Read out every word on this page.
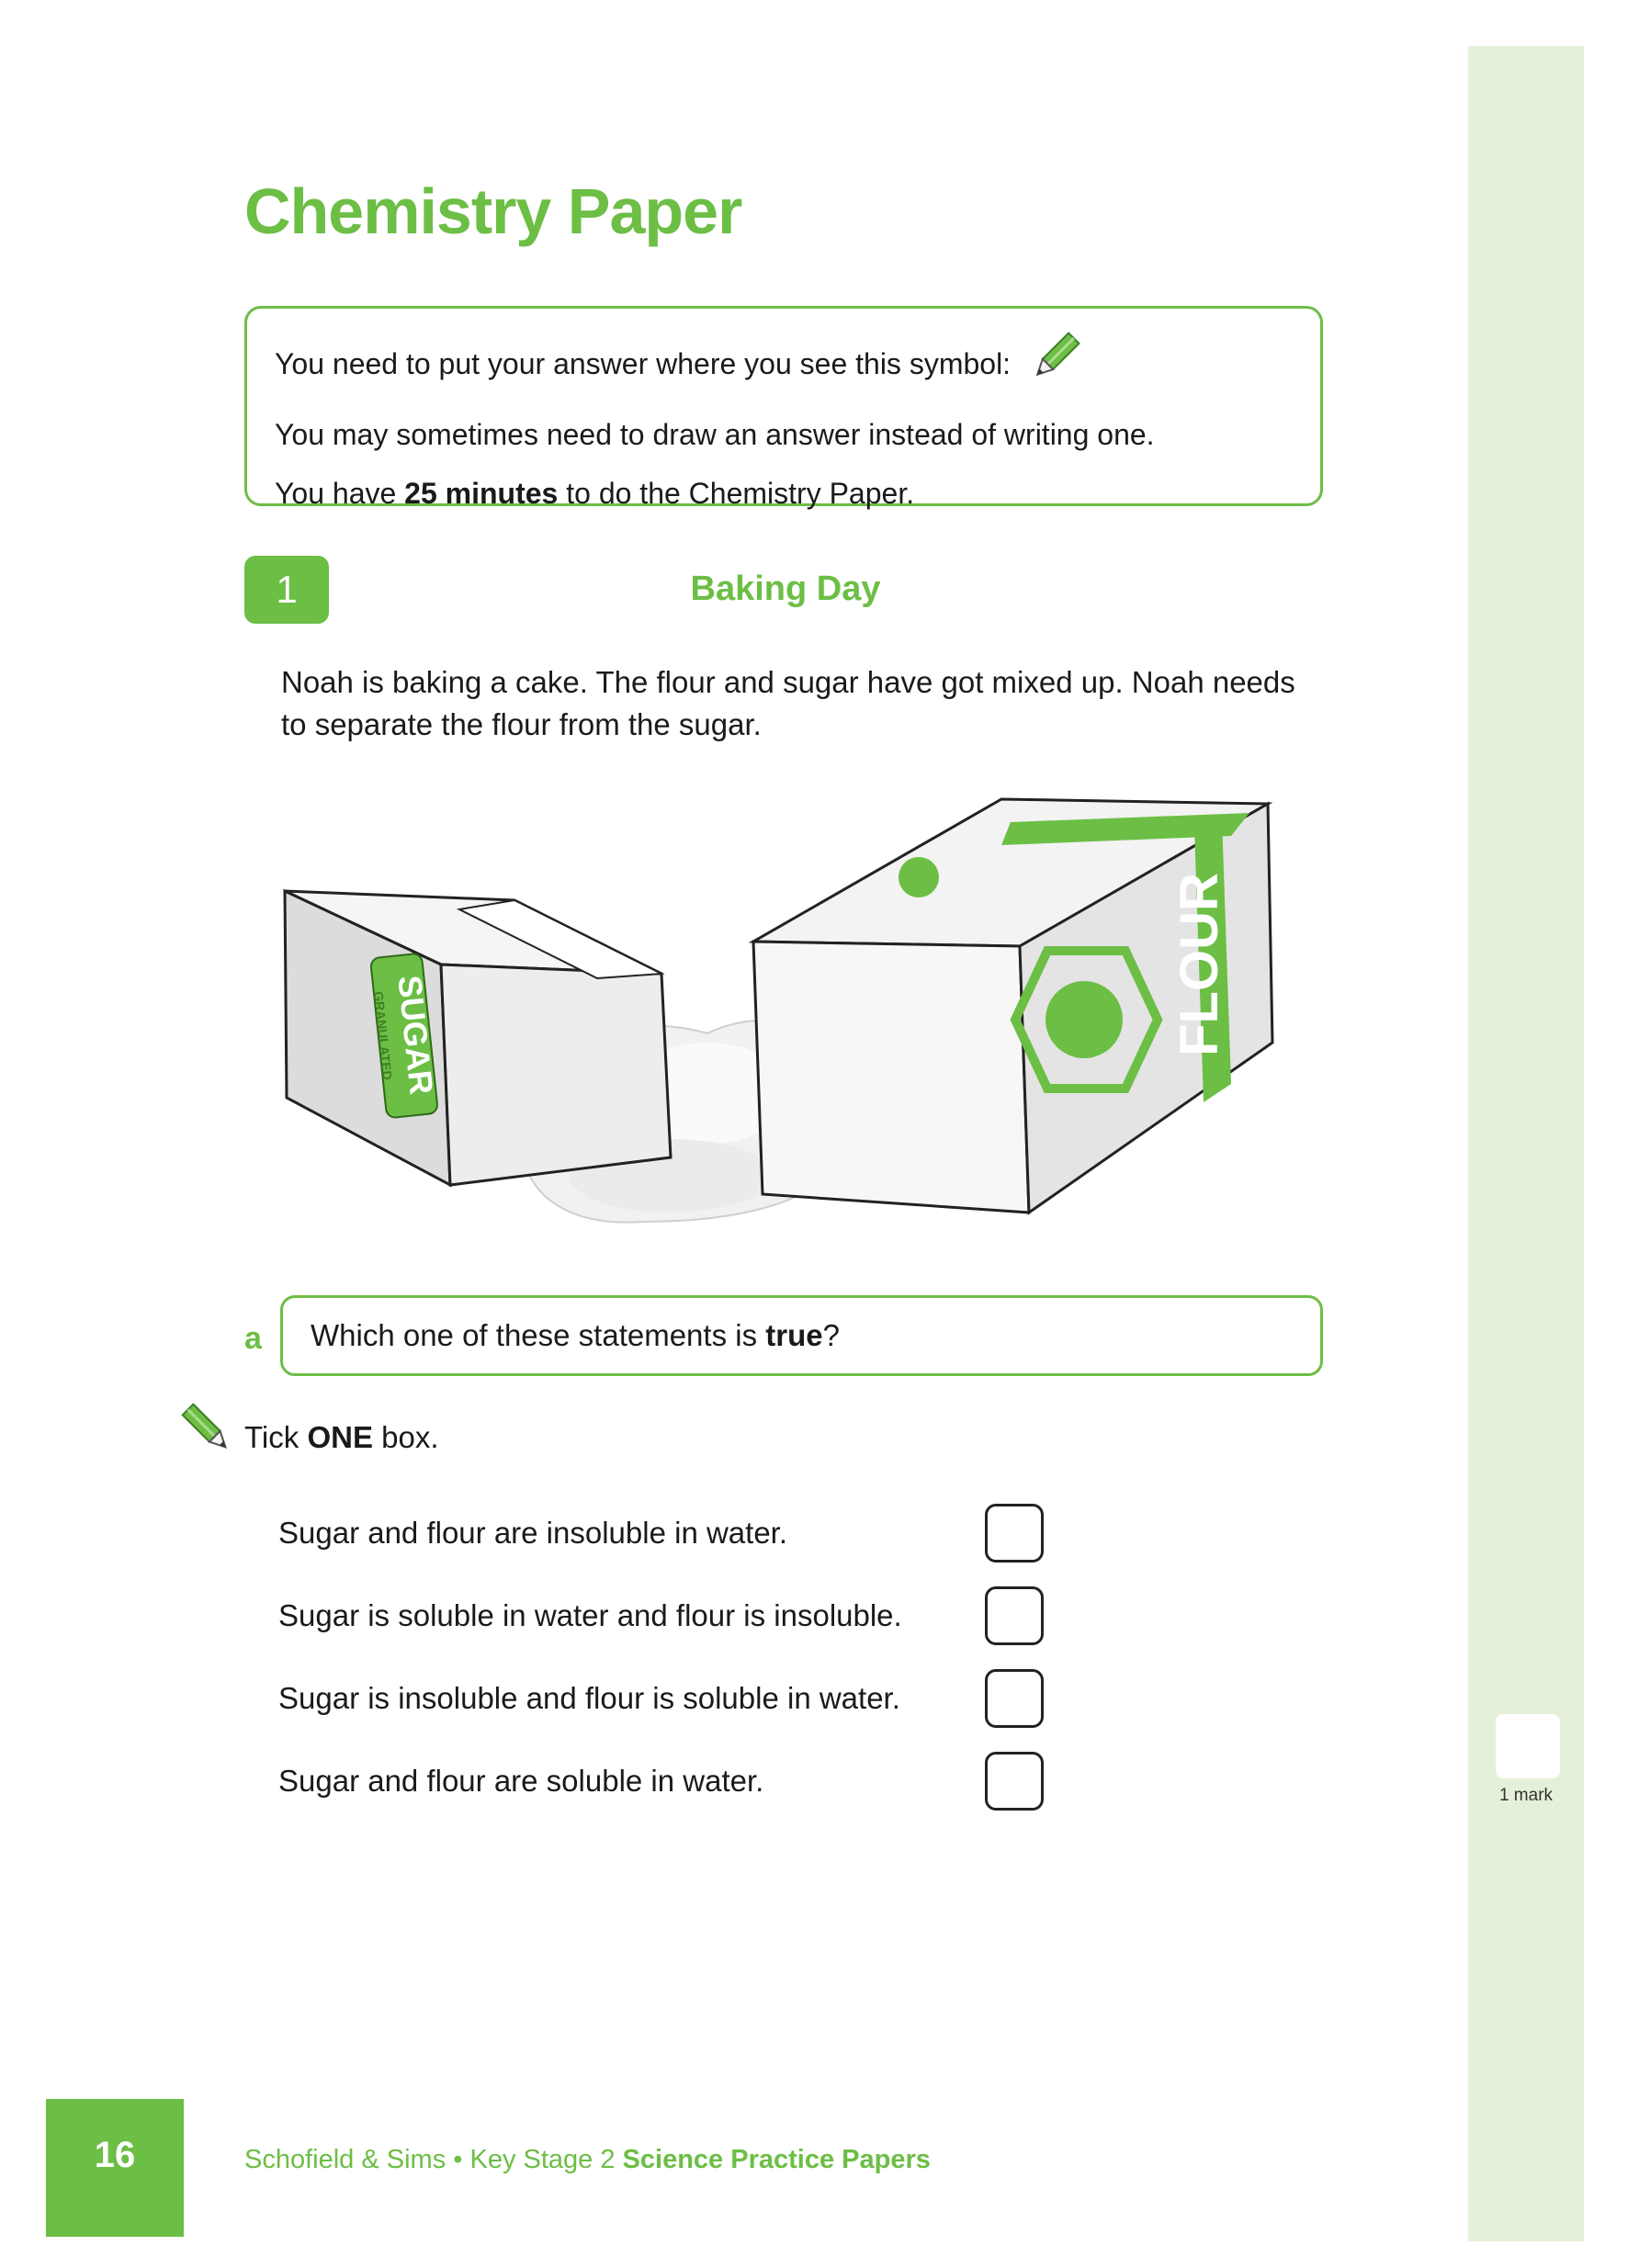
1 mark
Chemistry Paper

You need to put your answer where you see this symbol:

You may sometimes need to draw an answer instead of writing one.

You have 25 minutes to do the Chemistry Paper.

1	Baking Day

Noah is baking a cake. The flour and sugar have got mixed up. Noah needs to separate the flour from the sugar.

SUGAR
GRANULATED	FLOUR
a	Which one of these statements is true?
Tick ONE box.
Sugar and flour are insoluble in water.
Sugar is soluble in water and flour is insoluble.
Sugar is insoluble and flour is soluble in water.
Sugar and flour are soluble in water.
16	Schofield & Sims • Key Stage 2 Science Practice Papers
